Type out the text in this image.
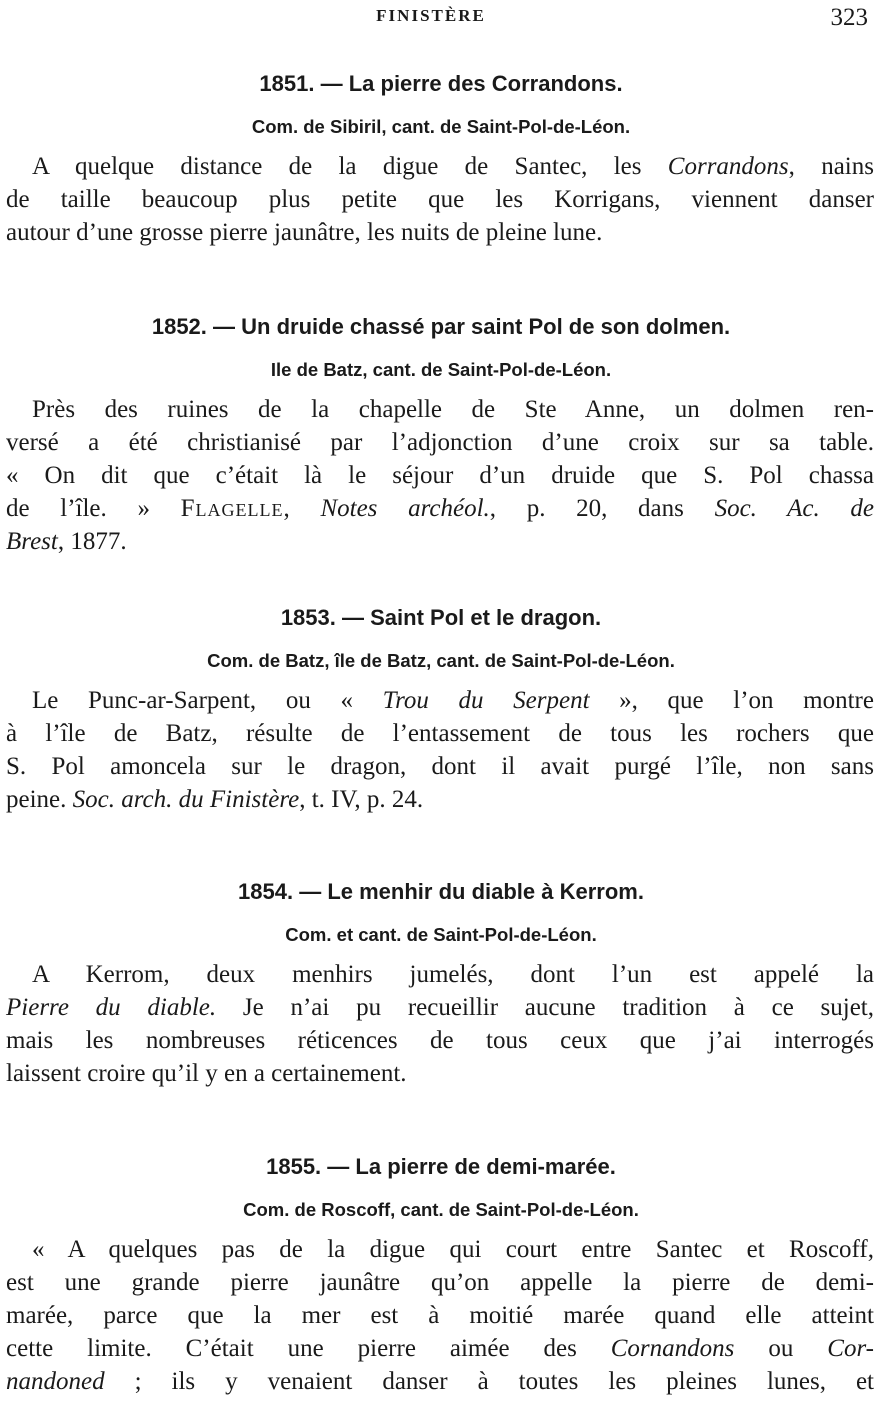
FINISTÈRE	323
1851. — La pierre des Corrandons.
Com. de Sibiril, cant. de Saint-Pol-de-Léon.
A quelque distance de la digue de Santec, les Corrandons, nains
de taille beaucoup plus petite que les Korrigans, viennent danser
autour d’une grosse pierre jaunâtre, les nuits de pleine lune.
1852. — Un druide chassé par saint Pol de son dolmen.
Ile de Batz, cant. de Saint-Pol-de-Léon.
Près des ruines de la chapelle de Ste Anne, un dolmen ren-
versé a été christianisé par l’adjonction d’une croix sur sa table.
« On dit que c’était là le séjour d’un druide que S. Pol chassa
de l’île. » Flagelle, Notes archéol., p. 20, dans Soc. Ac. de
Brest, 1877.
1853. — Saint Pol et le dragon.
Com. de Batz, île de Batz, cant. de Saint-Pol-de-Léon.
Le Punc-ar-Sarpent, ou « Trou du Serpent », que l’on montre
à l’île de Batz, résulte de l’entassement de tous les rochers que
S. Pol amoncela sur le dragon, dont il avait purgé l’île, non sans
peine. Soc. arch. du Finistère, t. IV, p. 24.
1854. — Le menhir du diable à Kerrom.
Com. et cant. de Saint-Pol-de-Léon.
A Kerrom, deux menhirs jumelés, dont l’un est appelé la
Pierre du diable. Je n’ai pu recueillir aucune tradition à ce sujet,
mais les nombreuses réticences de tous ceux que j’ai interrogés
laissent croire qu’il y en a certainement.
1855. — La pierre de demi-marée.
Com. de Roscoff, cant. de Saint-Pol-de-Léon.
« A quelques pas de la digue qui court entre Santec et Roscoff,
est une grande pierre jaunâtre qu’on appelle la pierre de demi-
marée, parce que la mer est à moitié marée quand elle atteint
cette limite. C’était une pierre aimée des Cornandons ou Cor-
nandoned ; ils y venaient danser à toutes les pleines lunes, et
